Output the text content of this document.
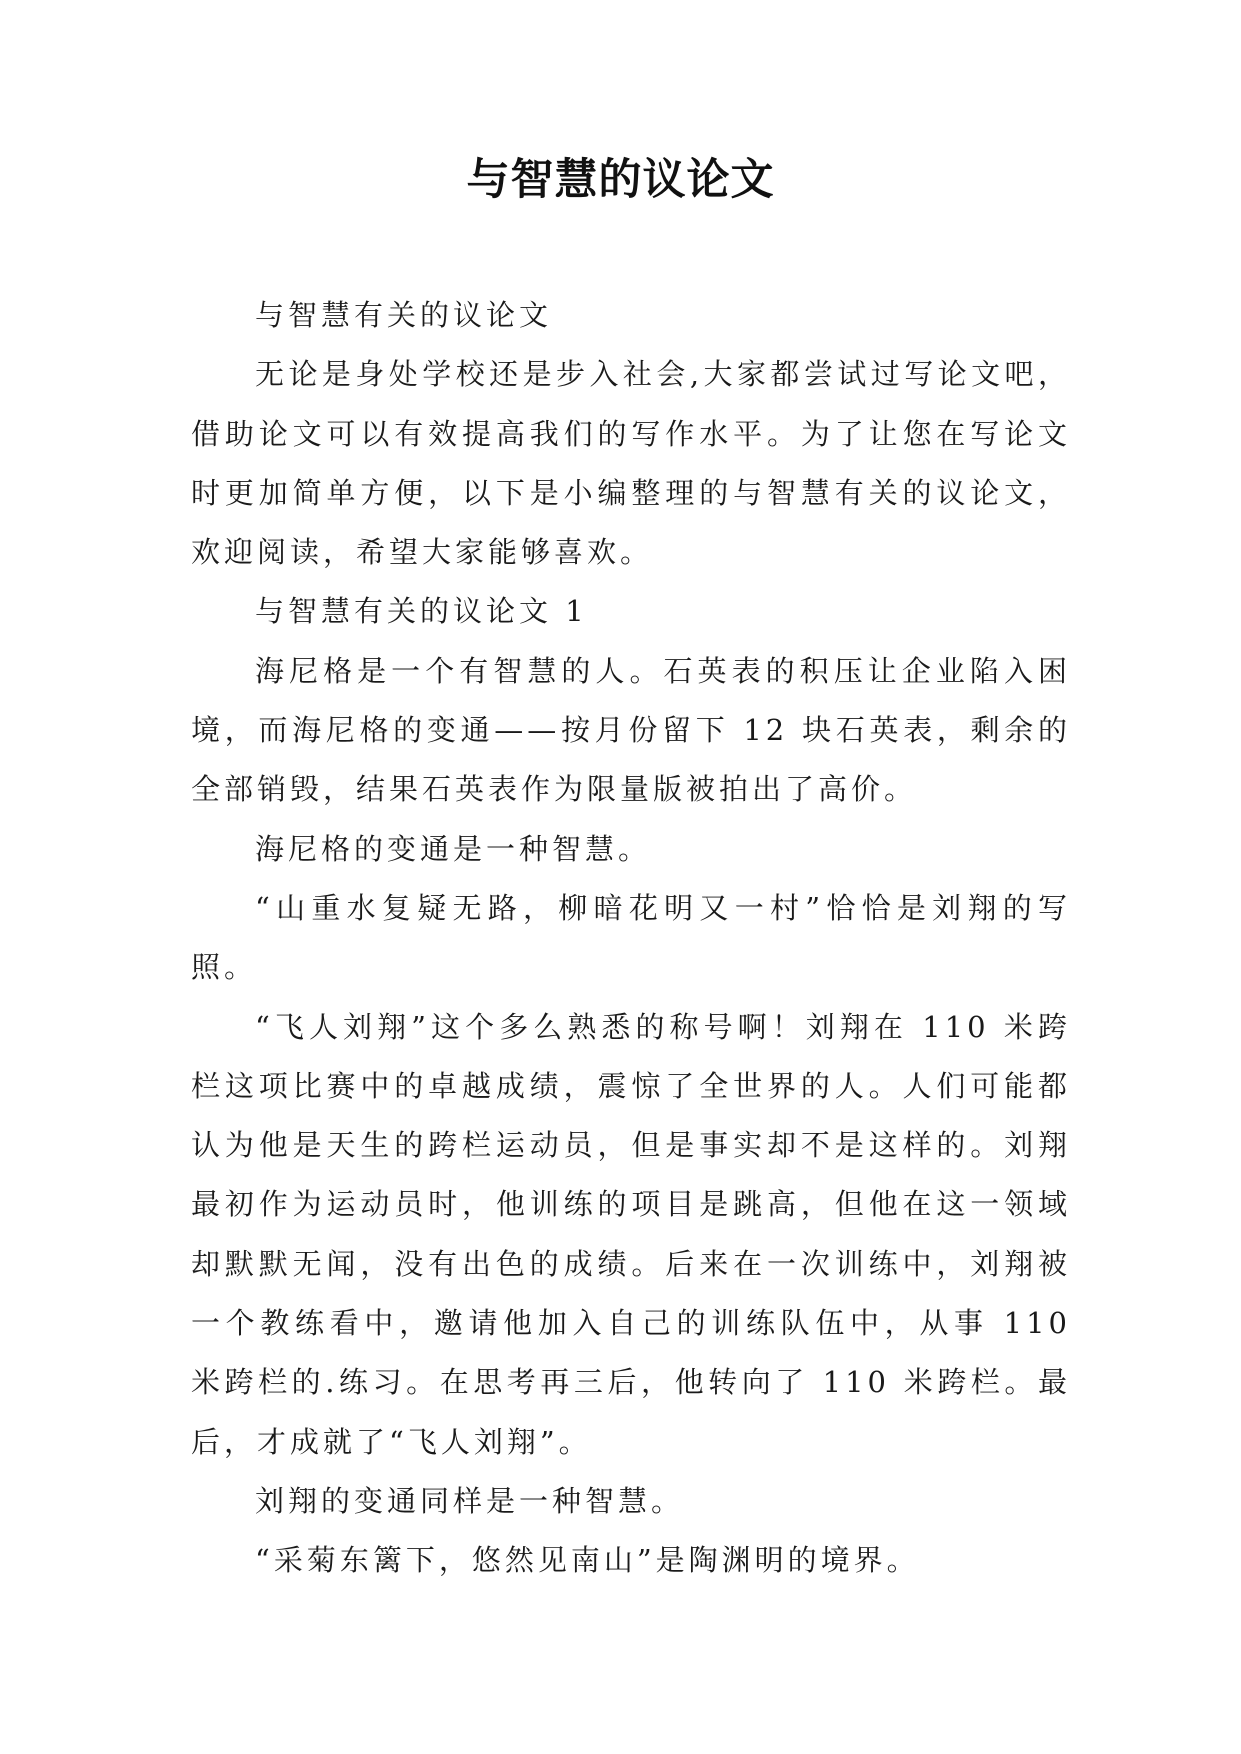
与智慧的议论文

与智慧有关的议论文

无论是身处学校还是步入社会,大家都尝试过写论文吧，借助论文可以有效提高我们的写作水平。为了让您在写论文时更加简单方便，以下是小编整理的与智慧有关的议论文，欢迎阅读，希望大家能够喜欢。

与智慧有关的议论文 1

海尼格是一个有智慧的人。石英表的积压让企业陷入困境，而海尼格的变通——按月份留下 12 块石英表，剩余的全部销毁，结果石英表作为限量版被拍出了高价。

海尼格的变通是一种智慧。

“山重水复疑无路，柳暗花明又一村”恰恰是刘翔的写照。

“飞人刘翔”这个多么熟悉的称号啊！刘翔在 110 米跨栏这项比赛中的卓越成绩，震惊了全世界的人。人们可能都认为他是天生的跨栏运动员，但是事实却不是这样的。刘翔最初作为运动员时，他训练的项目是跳高，但他在这一领域却默默无闻，没有出色的成绩。后来在一次训练中，刘翔被一个教练看中，邀请他加入自己的训练队伍中，从事 110 米跨栏的.练习。在思考再三后，他转向了 110 米跨栏。最后，才成就了“飞人刘翔”。

刘翔的变通同样是一种智慧。

“采菊东篱下，悠然见南山”是陶渊明的境界。
